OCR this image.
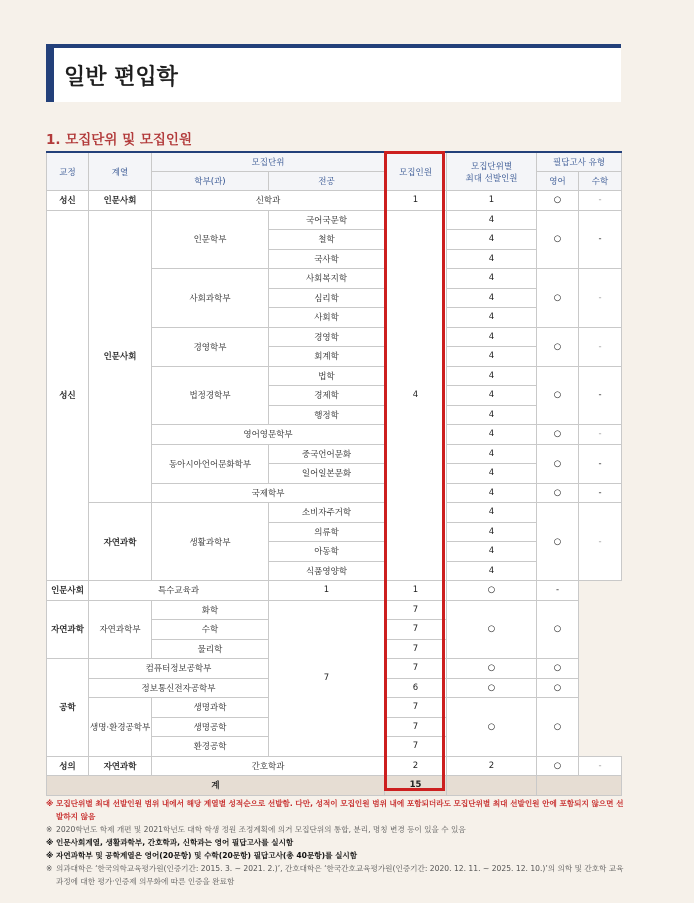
일반 편입학
1. 모집단위 및 모집인원
교정	계열	모집단위		모집인원	모집단위별
최대 선발인원	필답고사 유형	
		학부(과)	전공			영어	수학
성신	인문사회	신학과		1	1	○	-
성신	인문사회	인문학부	국어국문학	4	4	○	-
			철학		4		
			국사학		4		
		사회과학부	사회복지학		4	○	-
			심리학		4		
			사회학		4		
		경영학부	경영학		4	○	-
			회계학		4		
		법정경학부	법학		4	○	-
			경제학		4		
			행정학		4		
		영어영문학부			4	○	-
		동아시아언어문화학부	중국언어문화		4	○	-
			일어일본문화		4		
		국제학부			4	○	-
	자연과학	생활과학부	소비자주거학		4	○	-
			의류학		4		
			아동학		4		
			식품영양학		4		
인문사회	특수교육과		1	1	○	-	
자연과학	자연과학부	화학	7	7	○	○	
		수학		7			
		물리학		7			
공학	컴퓨터정보공학부			7	○	○	
	정보통신전자공학부			6	○	○	
	생명·환경공학부	생명과학		7	○	○	
		생명공학		7			
		환경공학		7			
성의	자연과학	간호학과		2	2	○	-
계				15			
※ 모집단위별 최대 선발인원 범위 내에서 해당 계열별 성적순으로 선발함. 다만, 성적이 모집인원 범위 내에 포함되더라도 모집단위별 최대 선발인원 안에 포함되지 않으면 선발하지 않음
※ 2020학년도 학제 개편 및 2021학년도 대학 학생 정원 조정계획에 의거 모집단위의 통합, 분리, 명칭 변경 등이 있을 수 있음
※ 인문사회계열, 생활과학부, 간호학과, 신학과는 영어 필답고사를 실시함
※ 자연과학부 및 공학계열은 영어(20문항) 및 수학(20문항) 필답고사(총 40문항)를 실시함
※ 의과대학은 ‘한국의학교육평가원(인증기간: 2015. 3. ~ 2021. 2.)’, 간호대학은 ‘한국간호교육평가원(인증기간: 2020. 12. 11. ~ 2025. 12. 10.)’의 의학 및 간호학 교육과정에 대한 평가·인증제 의무화에 따른 인증을 완료함
